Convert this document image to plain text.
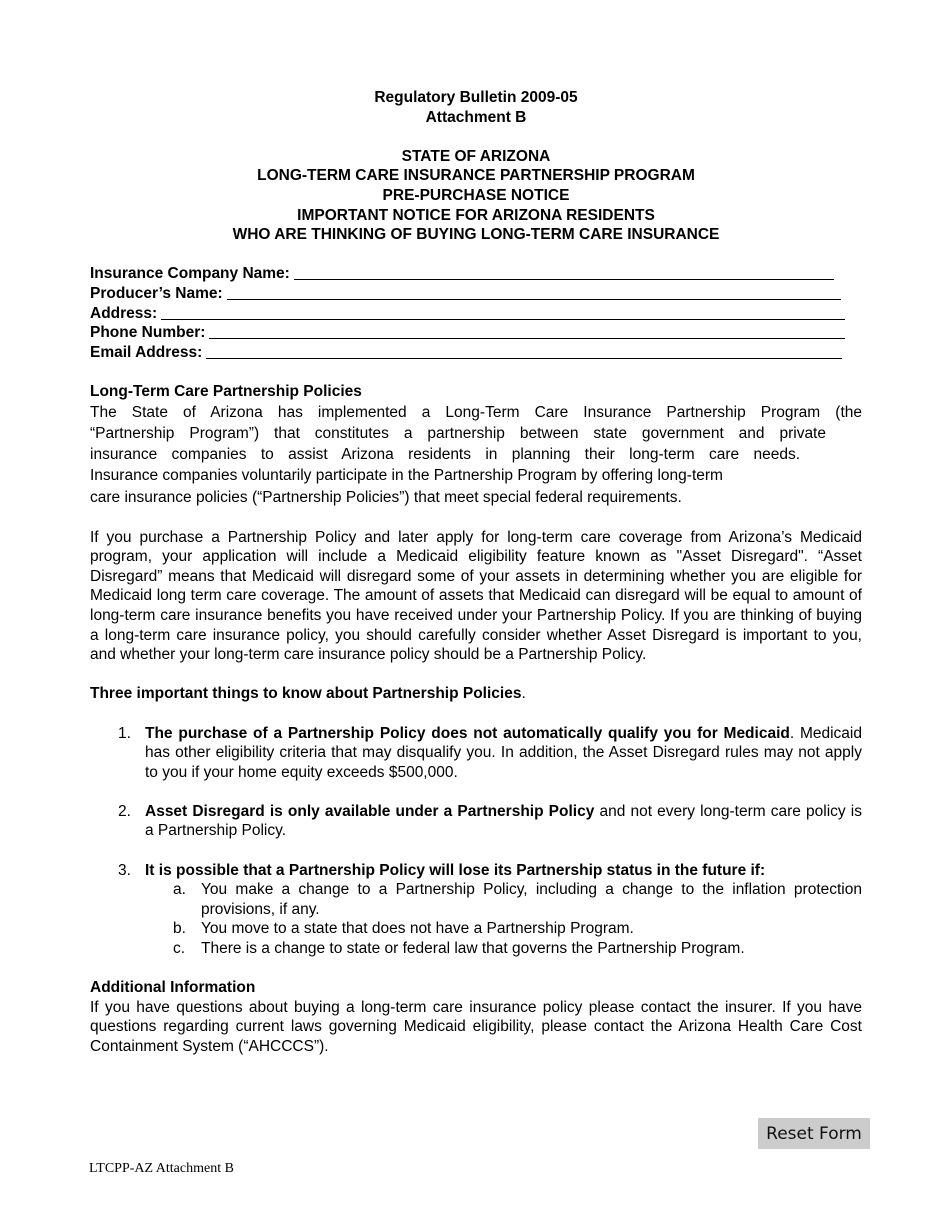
Regulatory Bulletin 2009-05
Attachment B
STATE OF ARIZONA
LONG-TERM CARE INSURANCE PARTNERSHIP PROGRAM
PRE-PURCHASE NOTICE
IMPORTANT NOTICE FOR ARIZONA RESIDENTS
WHO ARE THINKING OF BUYING LONG-TERM CARE INSURANCE
Insurance Company Name:
Producer’s Name:
Address:
Phone Number:
Email Address:
Long-Term Care Partnership Policies
The State of Arizona has implemented a Long-Term Care Insurance Partnership Program (the
“Partnership Program”) that constitutes a partnership between state government and private
insurance companies to assist Arizona residents in planning their long-term care needs.
Insurance companies voluntarily participate in the Partnership Program by offering long-term
care insurance policies (“Partnership Policies”) that meet special federal requirements.
If you purchase a Partnership Policy and later apply for long-term care coverage from Arizona’s Medicaid program, your application will include a Medicaid eligibility feature known as "Asset Disregard". “Asset Disregard” means that Medicaid will disregard some of your assets in determining whether you are eligible for Medicaid long term care coverage. The amount of assets that Medicaid can disregard will be equal to amount of long-term care insurance benefits you have received under your Partnership Policy. If you are thinking of buying a long-term care insurance policy, you should carefully consider whether Asset Disregard is important to you, and whether your long-term care insurance policy should be a Partnership Policy.
Three important things to know about Partnership Policies.
1. The purchase of a Partnership Policy does not automatically qualify you for Medicaid. Medicaid has other eligibility criteria that may disqualify you. In addition, the Asset Disregard rules may not apply to you if your home equity exceeds $500,000.
2. Asset Disregard is only available under a Partnership Policy and not every long-term care policy is a Partnership Policy.
3. It is possible that a Partnership Policy will lose its Partnership status in the future if:
a. You make a change to a Partnership Policy, including a change to the inflation protection provisions, if any.
b. You move to a state that does not have a Partnership Program.
c. There is a change to state or federal law that governs the Partnership Program.
Additional Information
If you have questions about buying a long-term care insurance policy please contact the insurer. If you have questions regarding current laws governing Medicaid eligibility, please contact the Arizona Health Care Cost Containment System (“AHCCCS”).
Reset Form
LTCPP-AZ Attachment B
